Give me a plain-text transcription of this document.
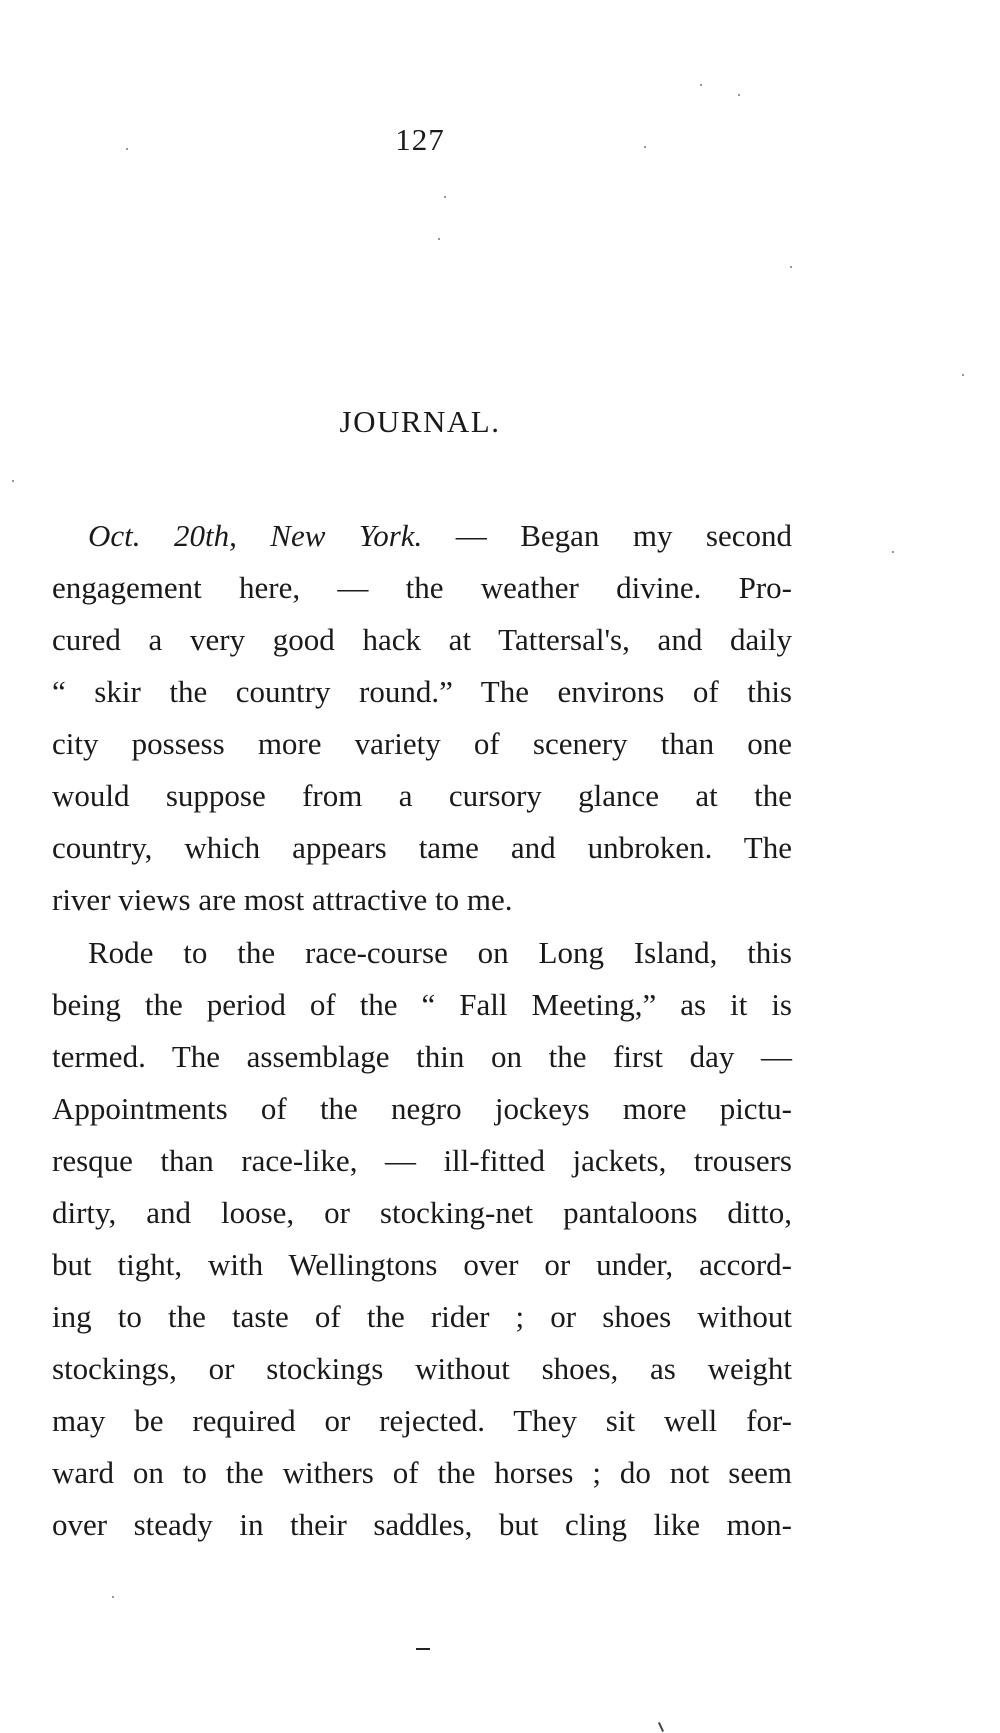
127
JOURNAL.
Oct. 20th, New York. — Began my second
engagement here, — the weather divine. Pro-
cured a very good hack at Tattersal's, and daily
“ skir the country round.” The environs of this
city possess more variety of scenery than one
would suppose from a cursory glance at the
country, which appears tame and unbroken. The
river views are most attractive to me.
Rode to the race-course on Long Island, this
being the period of the “ Fall Meeting,” as it is
termed. The assemblage thin on the first day —
Appointments of the negro jockeys more pictu-
resque than race-like, — ill-fitted jackets, trousers
dirty, and loose, or stocking-net pantaloons ditto,
but tight, with Wellingtons over or under, accord-
ing to the taste of the rider ; or shoes without
stockings, or stockings without shoes, as weight
may be required or rejected. They sit well for-
ward on to the withers of the horses ; do not seem
over steady in their saddles, but cling like mon-
